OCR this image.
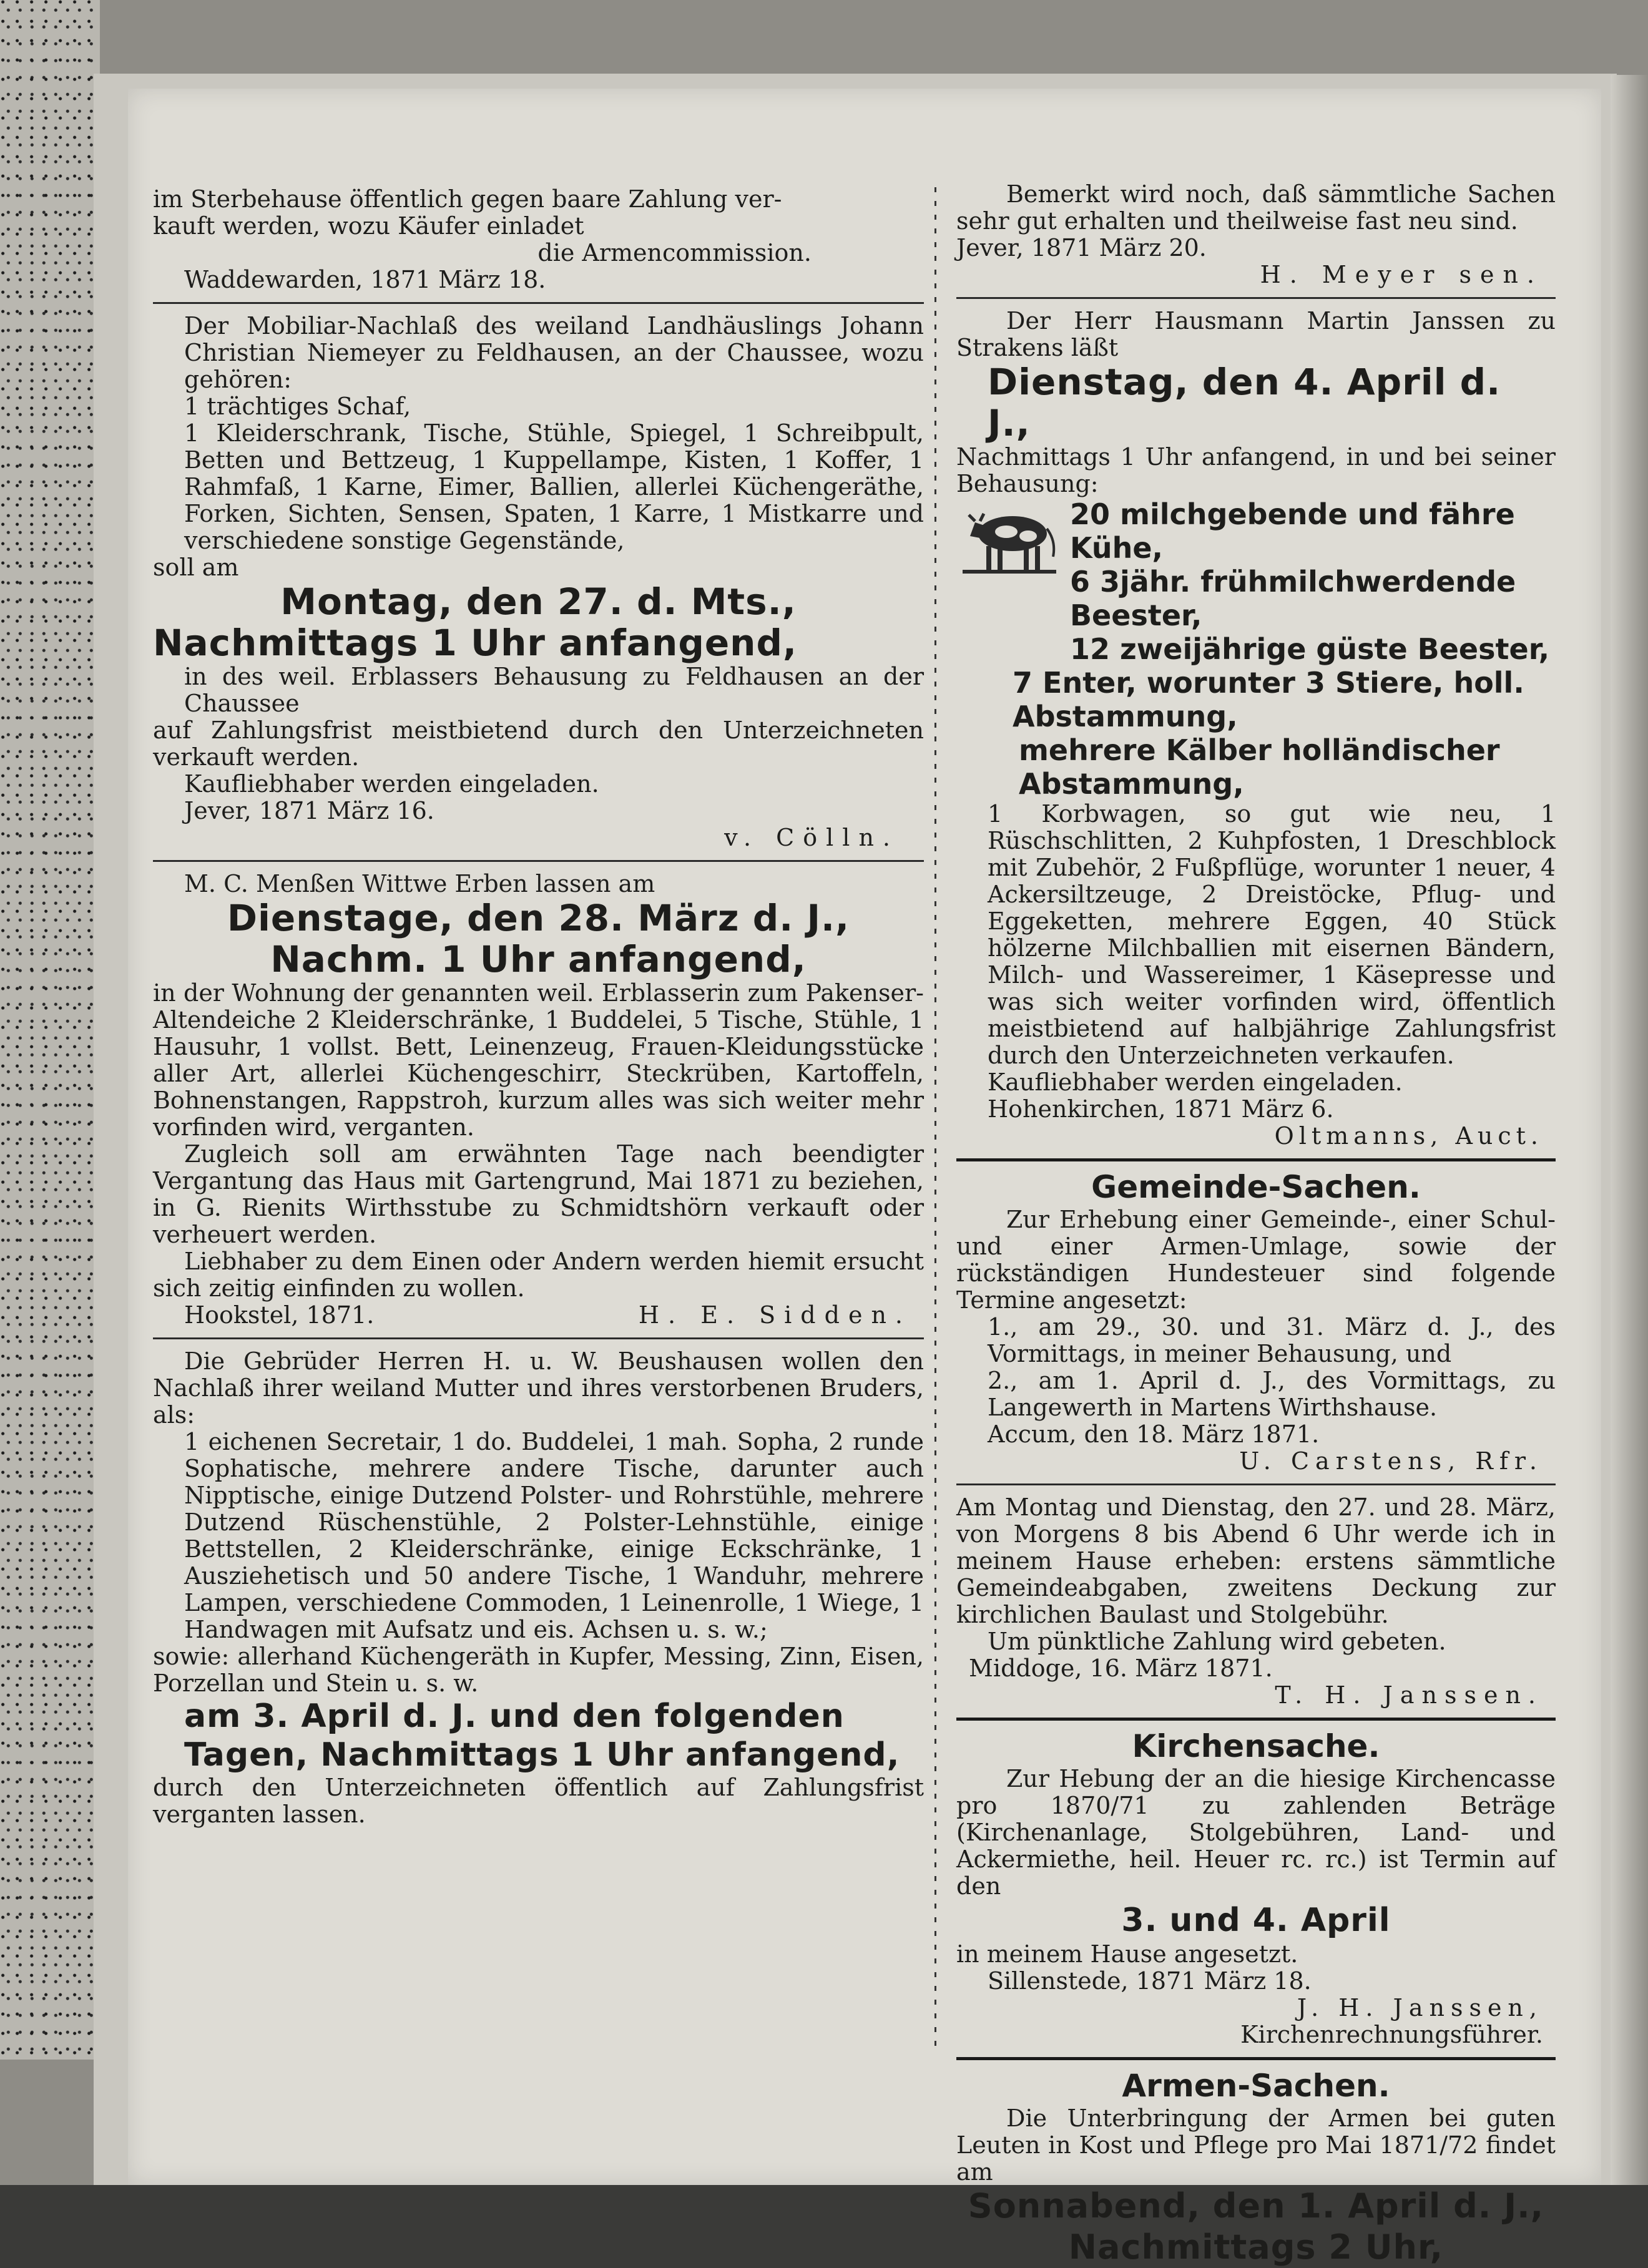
im Sterbehause öffentlich gegen baare Zahlung ver-

kauft werden, wozu Käufer einladet

die Armencommission.

Waddewarden, 1871 März 18.

Der Mobiliar-Nachlaß des weiland Landhäuslings Johann Christian Niemeyer zu Feldhausen, an der Chaussee, wozu gehören:

1 trächtiges Schaf,

1 Kleiderschrank, Tische, Stühle, Spiegel, 1 Schreibpult, Betten und Bettzeug, 1 Kuppellampe, Kisten, 1 Koffer, 1 Rahmfaß, 1 Karne, Eimer, Ballien, allerlei Küchengeräthe, Forken, Sichten, Sensen, Spaten, 1 Karre, 1 Mistkarre und verschiedene sonstige Gegenstände,

soll am

Montag, den 27. d. Mts.,

Nachmittags 1 Uhr anfangend,

in des weil. Erblassers Behausung zu Feldhausen an der Chaussee

auf Zahlungsfrist meistbietend durch den Unterzeichneten verkauft werden.

Kaufliebhaber werden eingeladen.

Jever, 1871 März 16.

v. Cölln.

M. C. Menßen Wittwe Erben lassen am

Dienstage, den 28. März d. J.,

Nachm. 1 Uhr anfangend,

in der Wohnung der genannten weil. Erblasserin zum Pakenser-Altendeiche 2 Kleiderschränke, 1 Buddelei, 5 Tische, Stühle, 1 Hausuhr, 1 vollst. Bett, Leinenzeug, Frauen-Kleidungsstücke aller Art, allerlei Küchengeschirr, Steckrüben, Kartoffeln, Bohnenstangen, Rappstroh, kurzum alles was sich weiter mehr vorfinden wird, verganten.

Zugleich soll am erwähnten Tage nach beendigter Vergantung das Haus mit Gartengrund, Mai 1871 zu beziehen, in G. Rienits Wirthsstube zu Schmidtshörn verkauft oder verheuert werden.

Liebhaber zu dem Einen oder Andern werden hiemit ersucht sich zeitig einfinden zu wollen.

Hookstel, 1871.	H. E. Sidden.

Die Gebrüder Herren H. u. W. Beushausen wollen den Nachlaß ihrer weiland Mutter und ihres verstorbenen Bruders, als:

1 eichenen Secretair, 1 do. Buddelei, 1 mah. Sopha, 2 runde Sophatische, mehrere andere Tische, darunter auch Nipptische, einige Dutzend Polster- und Rohrstühle, mehrere Dutzend Rüschenstühle, 2 Polster-Lehnstühle, einige Bettstellen, 2 Kleiderschränke, einige Eckschränke, 1 Ausziehetisch und 50 andere Tische, 1 Wanduhr, mehrere Lampen, verschiedene Commoden, 1 Leinenrolle, 1 Wiege, 1 Handwagen mit Aufsatz und eis. Achsen u. s. w.;

sowie: allerhand Küchengeräth in Kupfer, Messing, Zinn, Eisen, Porzellan und Stein u. s. w.

am 3. April d. J. und den folgenden Tagen, Nachmittags 1 Uhr anfangend,

durch den Unterzeichneten öffentlich auf Zahlungsfrist verganten lassen.

Bemerkt wird noch, daß sämmtliche Sachen sehr gut erhalten und theilweise fast neu sind.

Jever, 1871 März 20.

H. Meyer sen.

Der Herr Hausmann Martin Janssen zu Strakens läßt

Dienstag, den 4. April d. J.,

Nachmittags 1 Uhr anfangend, in und bei seiner Behausung:

20 milchgebende und fähre Kühe,

6 3jähr. frühmilchwerdende Beester,

12 zweijährige güste Beester,

7 Enter, worunter 3 Stiere, holl. Abstammung,

mehrere Kälber holländischer Abstammung,

1 Korbwagen, so gut wie neu, 1 Rüschschlitten, 2 Kuhpfosten, 1 Dreschblock mit Zubehör, 2 Fußpflüge, worunter 1 neuer, 4 Ackersiltzeuge, 2 Dreistöcke, Pflug- und Eggeketten, mehrere Eggen, 40 Stück hölzerne Milchballien mit eisernen Bändern, Milch- und Wassereimer, 1 Käsepresse und was sich weiter vorfinden wird, öffentlich meistbietend auf halbjährige Zahlungsfrist durch den Unterzeichneten verkaufen.

Kaufliebhaber werden eingeladen.

Hohenkirchen, 1871 März 6.

Oltmanns, Auct.

Gemeinde-Sachen.

Zur Erhebung einer Gemeinde-, einer Schul- und einer Armen-Umlage, sowie der rückständigen Hundesteuer sind folgende Termine angesetzt:

1., am 29., 30. und 31. März d. J., des Vormittags, in meiner Behausung, und

2., am 1. April d. J., des Vormittags, zu Langewerth in Martens Wirthshause.

Accum, den 18. März 1871.

U. Carstens, Rfr.

Am Montag und Dienstag, den 27. und 28. März, von Morgens 8 bis Abend 6 Uhr werde ich in meinem Hause erheben: erstens sämmtliche Gemeindeabgaben, zweitens Deckung zur kirchlichen Baulast und Stolgebühr.

Um pünktliche Zahlung wird gebeten.

Middoge, 16. März 1871.

T. H. Janssen.

Kirchensache.

Zur Hebung der an die hiesige Kirchencasse pro 1870/71 zu zahlenden Beträge (Kirchenanlage, Stolgebühren, Land- und Ackermiethe, heil. Heuer rc. rc.) ist Termin auf den

3. und 4. April

in meinem Hause angesetzt.

Sillenstede, 1871 März 18.

J. H. Janssen,

Kirchenrechnungsführer.

Armen-Sachen.

Die Unterbringung der Armen bei guten Leuten in Kost und Pflege pro Mai 1871/72 findet am

Sonnabend, den 1. April d. J.,

Nachmittags 2 Uhr,
